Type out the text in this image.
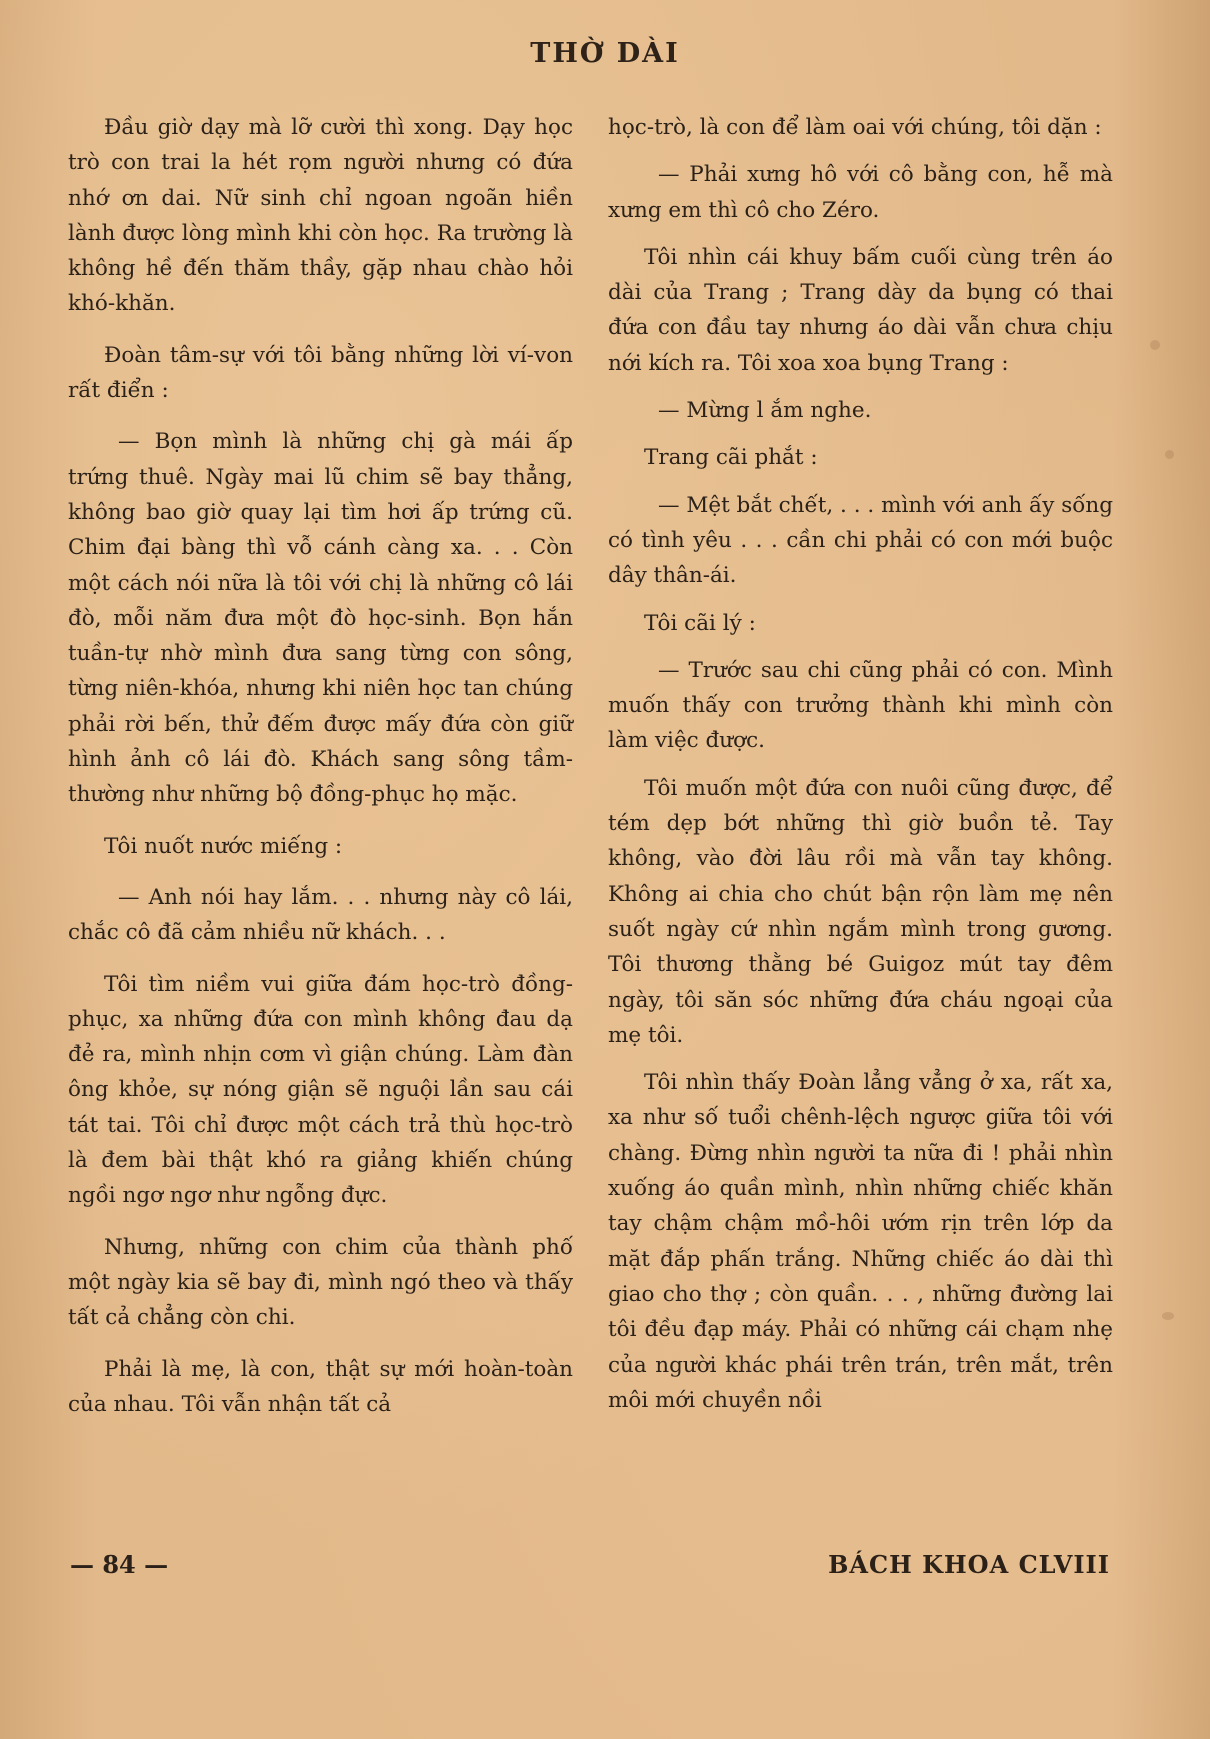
THỜ DÀI

Đầu giờ dạy mà lỡ cười thì xong. Dạy học trò con trai la hét rọm người nhưng có đứa nhớ ơn dai. Nữ sinh chỉ ngoan ngoãn hiền lành được lòng mình khi còn học. Ra trường là không hề đến thăm thầy, gặp nhau chào hỏi khó-khăn.

Đoàn tâm-sự với tôi bằng những lời ví-von rất điển :

— Bọn mình là những chị gà mái ấp trứng thuê. Ngày mai lũ chim sẽ bay thẳng, không bao giờ quay lại tìm hơi ấp trứng cũ. Chim đại bàng thì vỗ cánh càng xa. . . Còn một cách nói nữa là tôi với chị là những cô lái đò, mỗi năm đưa một đò học-sinh. Bọn hắn tuần-tự nhờ mình đưa sang từng con sông, từng niên-khóa, nhưng khi niên học tan chúng phải rời bến, thử đếm được mấy đứa còn giữ hình ảnh cô lái đò. Khách sang sông tầm-thường như những bộ đồng-phục họ mặc.

Tôi nuốt nước miếng :

— Anh nói hay lắm. . . nhưng này cô lái, chắc cô đã cảm nhiều nữ khách. . .

Tôi tìm niềm vui giữa đám học-trò đồng-phục, xa những đứa con mình không đau dạ đẻ ra, mình nhịn cơm vì giận chúng. Làm đàn ông khỏe, sự nóng giận sẽ nguội lần sau cái tát tai. Tôi chỉ được một cách trả thù học-trò là đem bài thật khó ra giảng khiến chúng ngồi ngơ ngơ như ngỗng đực.

Nhưng, những con chim của thành phố một ngày kia sẽ bay đi, mình ngó theo và thấy tất cả chẳng còn chi.

Phải là mẹ, là con, thật sự mới hoàn-toàn của nhau. Tôi vẫn nhận tất cả

học-trò, là con để làm oai với chúng, tôi dặn :

— Phải xưng hô với cô bằng con, hễ mà xưng em thì cô cho Zéro.

Tôi nhìn cái khuy bấm cuối cùng trên áo dài của Trang ; Trang dày da bụng có thai đứa con đầu tay nhưng áo dài vẫn chưa chịu nới kích ra. Tôi xoa xoa bụng Trang :

— Mừng l ắm nghe.

Trang cãi phắt :

— Mệt bắt chết, . . . mình với anh ấy sống có tình yêu . . . cần chi phải có con mới buộc dây thân-ái.

Tôi cãi lý :

— Trước sau chi cũng phải có con. Mình muốn thấy con trưởng thành khi mình còn làm việc được.

Tôi muốn một đứa con nuôi cũng được, để tém dẹp bớt những thì giờ buồn tẻ. Tay không, vào đời lâu rồi mà vẫn tay không. Không ai chia cho chút bận rộn làm mẹ nên suốt ngày cứ nhìn ngắm mình trong gương. Tôi thương thằng bé Guigoz mút tay đêm ngày, tôi săn sóc những đứa cháu ngoại của mẹ tôi.

Tôi nhìn thấy Đoàn lẳng vẳng ở xa, rất xa, xa như số tuổi chênh-lệch ngược giữa tôi với chàng. Đừng nhìn người ta nữa đi ! phải nhìn xuống áo quần mình, nhìn những chiếc khăn tay chậm chậm mồ-hôi ướm rịn trên lớp da mặt đắp phấn trắng. Những chiếc áo dài thì giao cho thợ ; còn quần. . . , những đường lai tôi đều đạp máy. Phải có những cái chạm nhẹ của người khác phái trên trán, trên mắt, trên môi mới chuyền nồi

— 84 —	BÁCH KHOA CLVIII
